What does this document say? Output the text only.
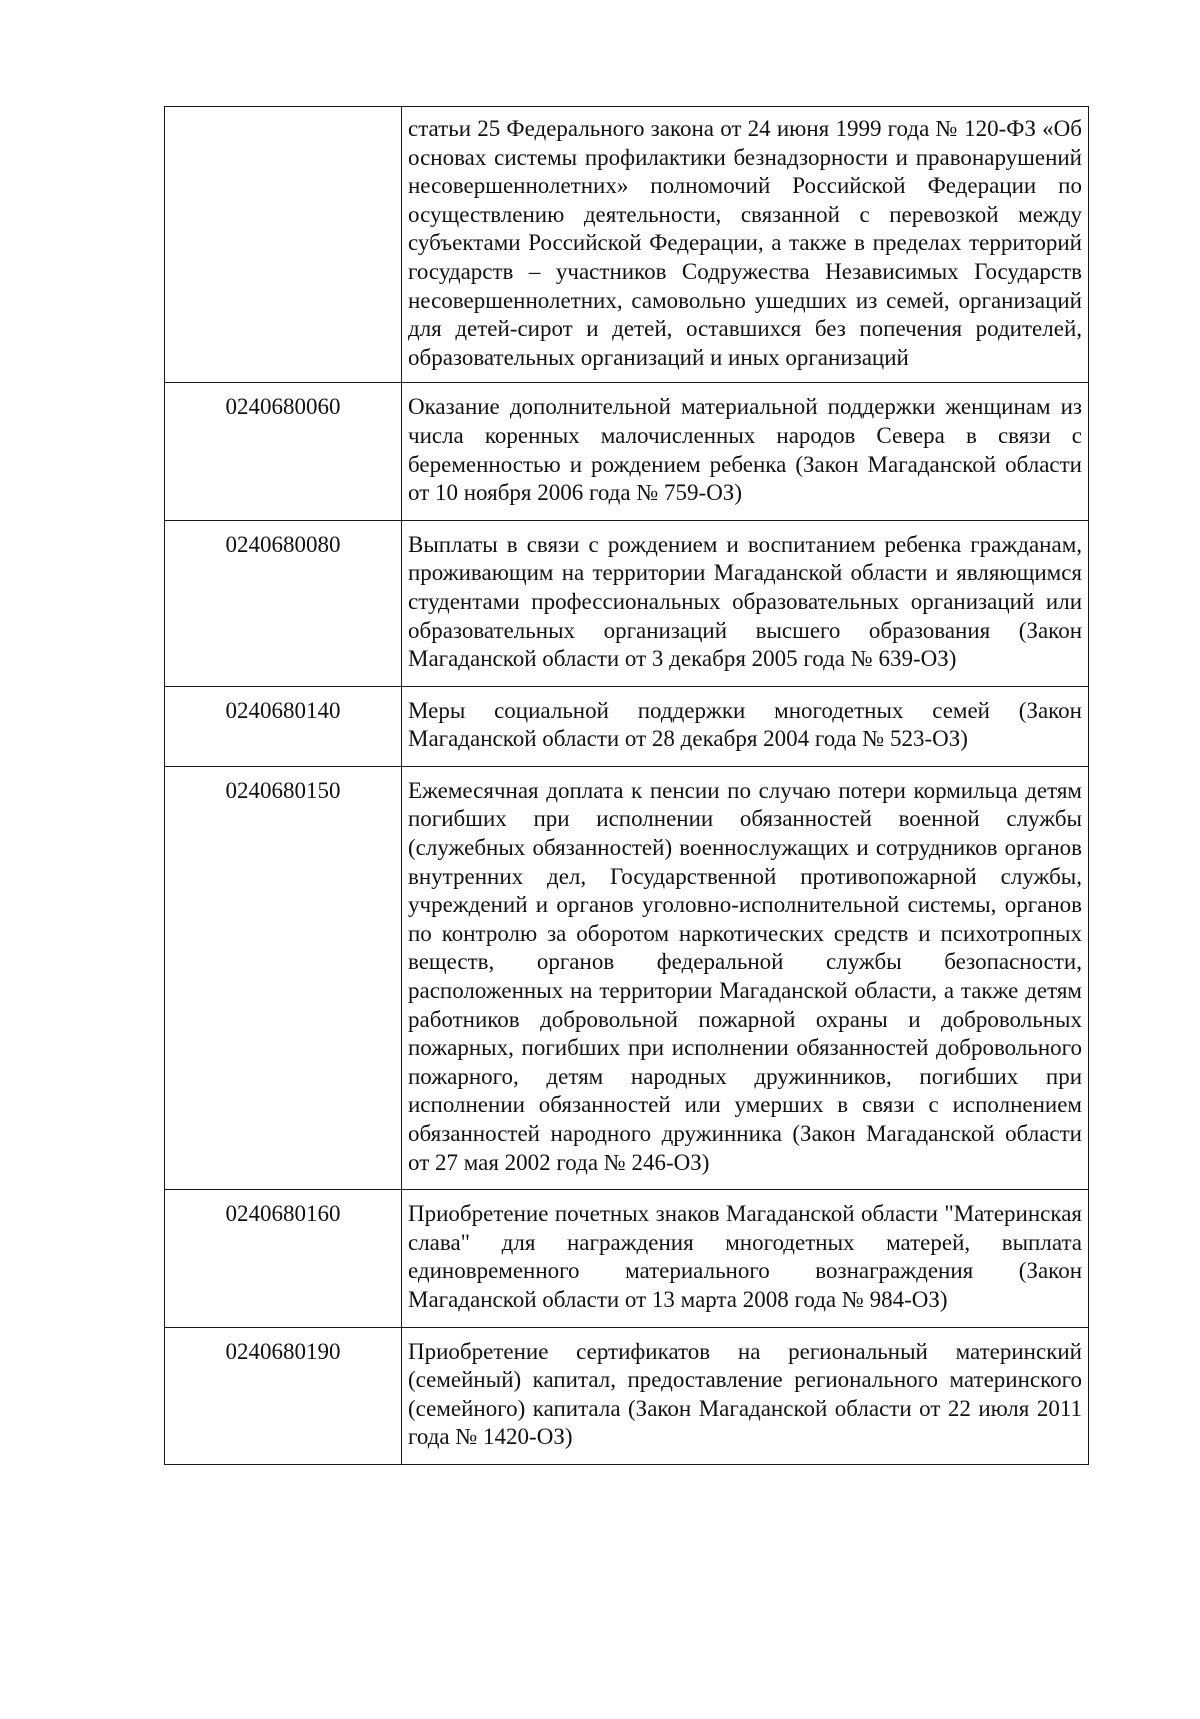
	статьи 25 Федерального закона от 24 июня 1999 года № 120-ФЗ «Об основах системы профилактики безнадзорности и правонарушений несовершеннолетних» полномочий Российской Федерации по осуществлению деятельности, связанной с перевозкой между субъектами Российской Федерации, а также в пределах территорий государств – участников Содружества Независимых Государств несовершеннолетних, самовольно ушедших из семей, организаций для детей-сирот и детей, оставшихся без попечения родителей, образовательных организаций и иных организаций
0240680060	Оказание дополнительной материальной поддержки женщинам из числа коренных малочисленных народов Севера в связи с беременностью и рождением ребенка (Закон Магаданской области от 10 ноября 2006 года № 759-ОЗ)
0240680080	Выплаты в связи с рождением и воспитанием ребенка гражданам, проживающим на территории Магаданской области и являющимся студентами профессиональных образовательных организаций или образовательных организаций высшего образования (Закон Магаданской области от 3 декабря 2005 года № 639-ОЗ)
0240680140	Меры социальной поддержки многодетных семей (Закон Магаданской области от 28 декабря 2004 года № 523-ОЗ)
0240680150	Ежемесячная доплата к пенсии по случаю потери кормильца детям погибших при исполнении обязанностей военной службы (служебных обязанностей) военнослужащих и сотрудников органов внутренних дел, Государственной противопожарной службы, учреждений и органов уголовно-исполнительной системы, органов по контролю за оборотом наркотических средств и психотропных веществ, органов федеральной службы безопасности, расположенных на территории Магаданской области, а также детям работников добровольной пожарной охраны и добровольных пожарных, погибших при исполнении обязанностей добровольного пожарного, детям народных дружинников, погибших при исполнении обязанностей или умерших в связи с исполнением обязанностей народного дружинника (Закон Магаданской области от 27 мая 2002 года № 246-ОЗ)
0240680160	Приобретение почетных знаков Магаданской области "Материнская слава" для награждения многодетных матерей, выплата единовременного материального вознаграждения (Закон Магаданской области от 13 марта 2008 года № 984-ОЗ)
0240680190	Приобретение сертификатов на региональный материнский (семейный) капитал, предоставление регионального материнского (семейного) капитала (Закон Магаданской области от 22 июля 2011 года № 1420-ОЗ)
